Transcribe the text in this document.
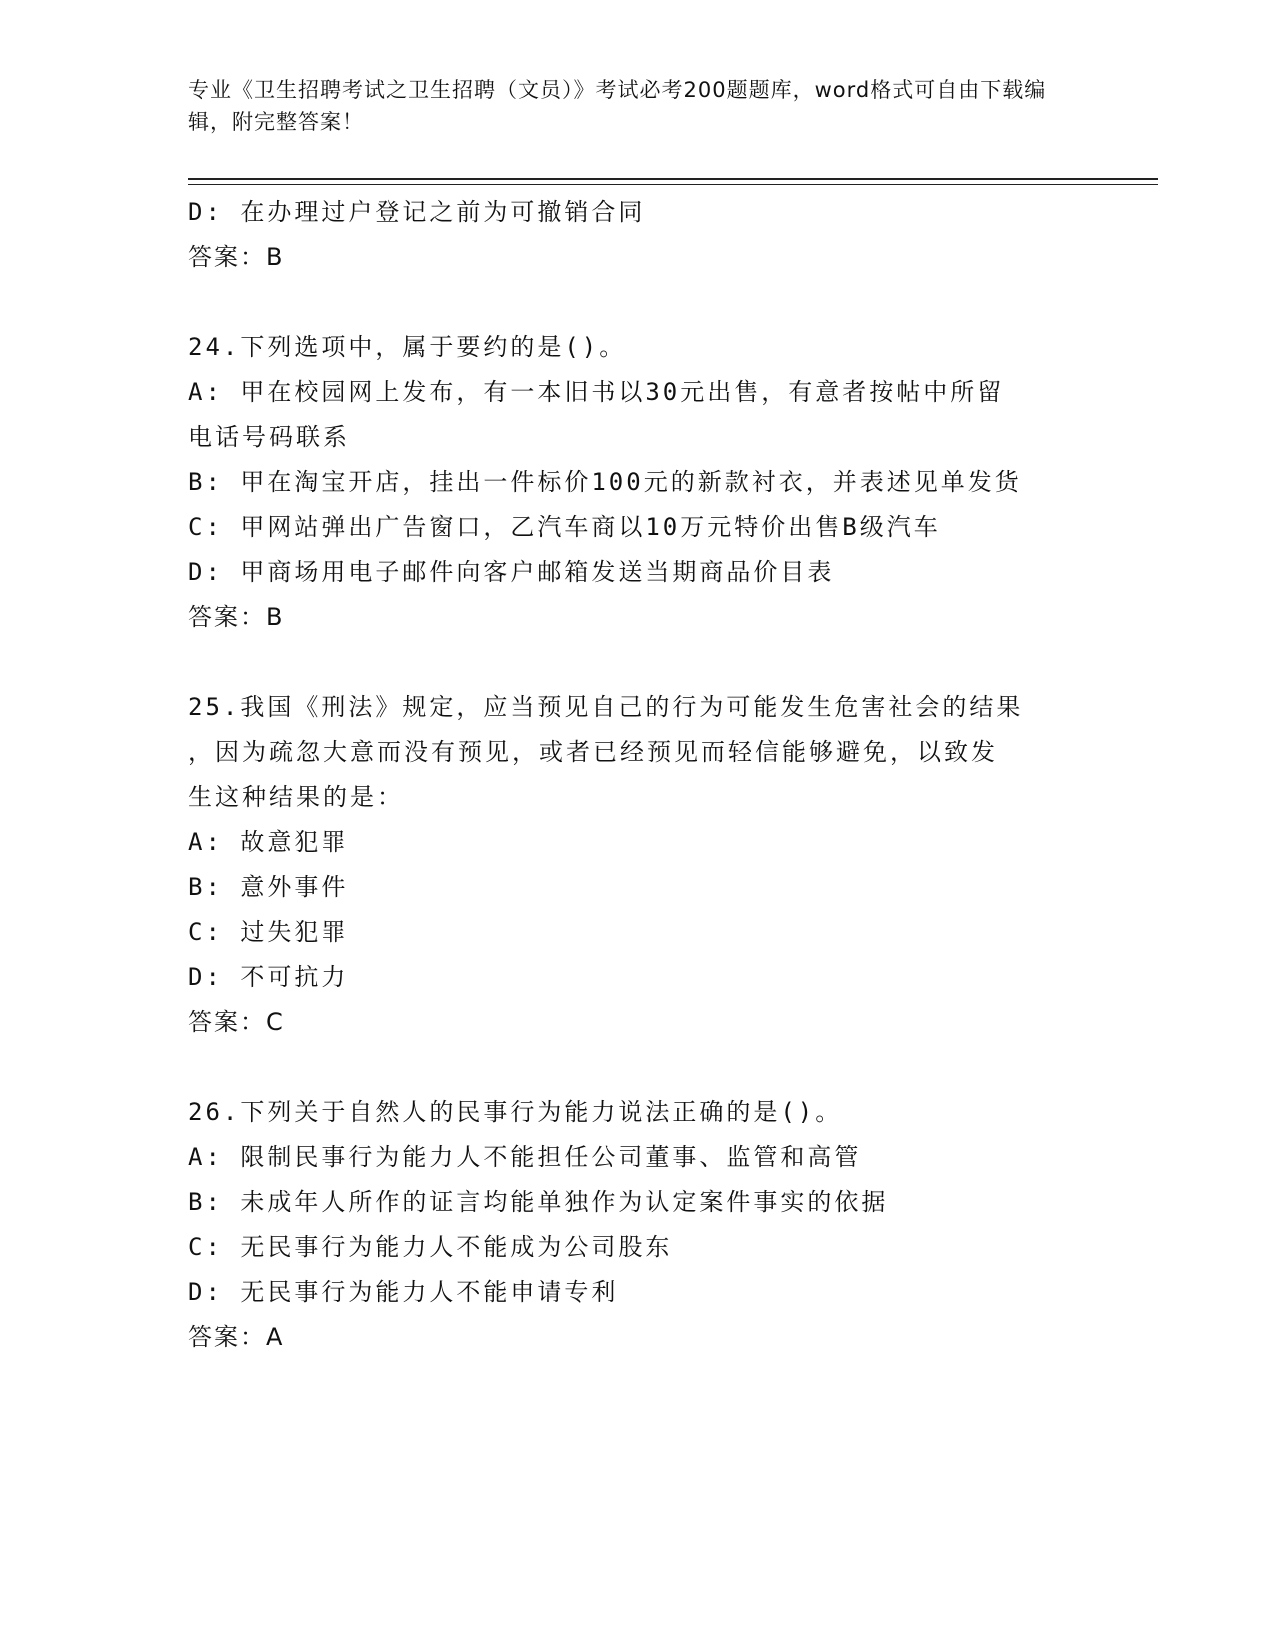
专业《卫生招聘考试之卫生招聘（文员）》考试必考200题题库，word格式可自由下载编辑，附完整答案！
D: 在办理过户登记之前为可撤销合同
答案：B
24.下列选项中，属于要约的是()。
A: 甲在校园网上发布，有一本旧书以30元出售，有意者按帖中所留
电话号码联系
B: 甲在淘宝开店，挂出一件标价100元的新款衬衣，并表述见单发货
C: 甲网站弹出广告窗口，乙汽车商以10万元特价出售B级汽车
D: 甲商场用电子邮件向客户邮箱发送当期商品价目表
答案：B
25.我国《刑法》规定，应当预见自己的行为可能发生危害社会的结果
，因为疏忽大意而没有预见，或者已经预见而轻信能够避免，以致发
生这种结果的是：
A: 故意犯罪
B: 意外事件
C: 过失犯罪
D: 不可抗力
答案：C
26.下列关于自然人的民事行为能力说法正确的是()。
A: 限制民事行为能力人不能担任公司董事、监管和高管
B: 未成年人所作的证言均能单独作为认定案件事实的依据
C: 无民事行为能力人不能成为公司股东
D: 无民事行为能力人不能申请专利
答案：A
